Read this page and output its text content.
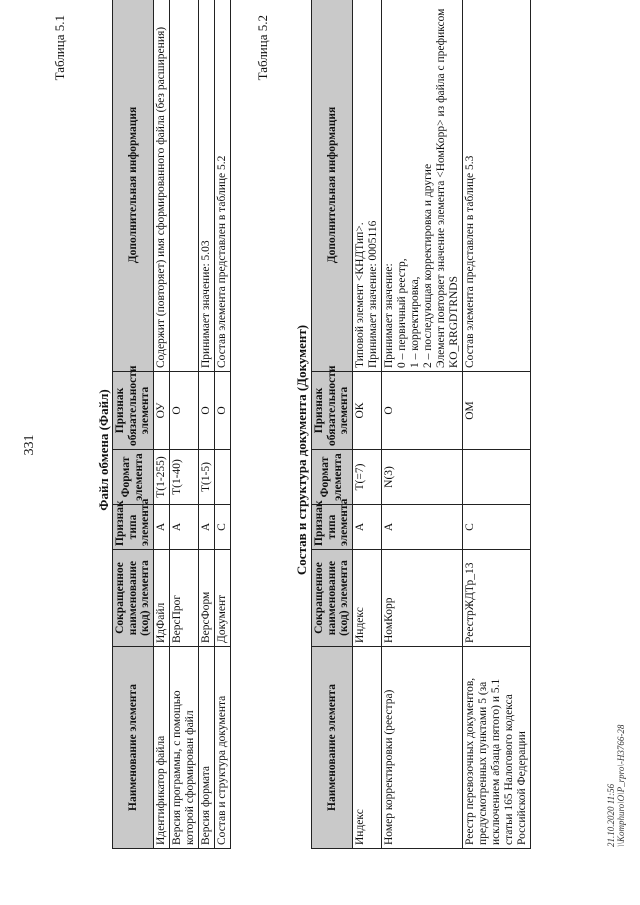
331
Таблица 5.1
Файл обмена (Файл)
Наименование элемента	Сокращенное наименование (код) элемента	Признак типа элемента	Формат элемента	Признак обязательности элемента	Дополнительная информация
Идентификатор файла	ИдФайл	А	Т(1-255)	ОУ	Содержит (повторяет) имя сформированного файла (без расширения)
Версия программы, с помощью которой сформирован файл	ВерсПрог	А	Т(1-40)	О	
Версия формата	ВерсФорм	А	Т(1-5)	О	Принимает значение: 5.03
Состав и структура документа	Документ	С		О	Состав элемента представлен в таблице 5.2
Таблица 5.2
Состав и структура документа (Документ)
Наименование элемента	Сокращенное наименование (код) элемента	Признак типа элемента	Формат элемента	Признак обязательности элемента	Дополнительная информация
Индекс	Индекс	А	Т(=7)	ОК	Типовой элемент <КНДТип>.
Принимает значение: 0005116
Номер корректировки (реестра)	НомКорр	А	N(3)	О	Принимает значение:
0 – первичный реестр,
1 – корректировка,
2 – последующая корректировка и другие
Элемент повторяет значение элемента <НомКорр> из файла с префиксом KO_RRGDTRNDS
Реестр перевозочных документов, предусмотренных пунктами 5 (за исключением абзаца пятого) и 5.1 статьи 165 Налогового кодекса Российской Федерации	РеестрЖДТр_13	С		ОМ	Состав элемента представлен в таблице 5.3
21.10.2020 11:56 \\Komphuro\O\P_rpro\-H3766-28
